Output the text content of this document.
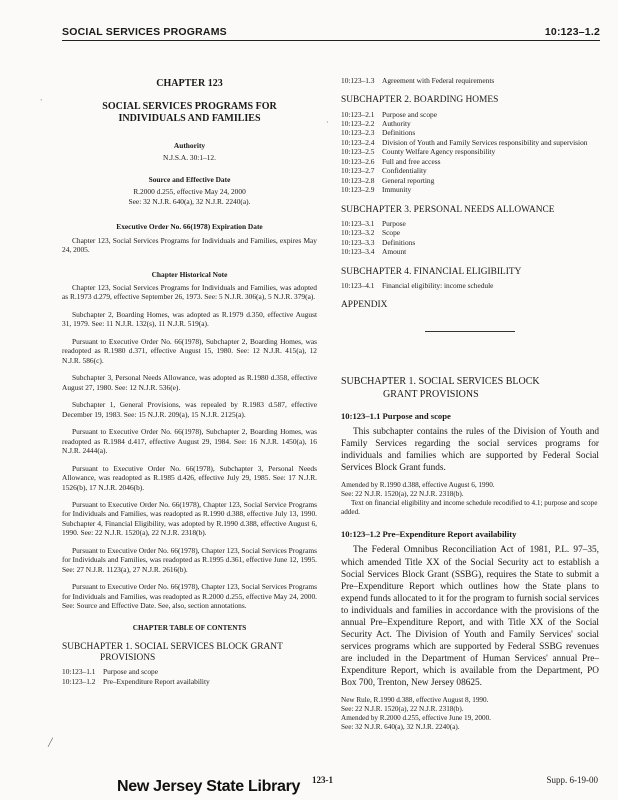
SOCIAL SERVICES PROGRAMS	10:123–1.2
`
·
╱
CHAPTER 123
SOCIAL SERVICES PROGRAMS FOR INDIVIDUALS AND FAMILIES
Authority
N.J.S.A. 30:1–12.
Source and Effective Date
R.2000 d.255, effective May 24, 2000
See: 32 N.J.R. 640(a), 32 N.J.R. 2240(a).
Executive Order No. 66(1978) Expiration Date
Chapter 123, Social Services Programs for Individuals and Families, expires May 24, 2005.
Chapter Historical Note
Chapter 123, Social Services Programs for Individuals and Families, was adopted as R.1973 d.279, effective September 26, 1973. See: 5 N.J.R. 306(a), 5 N.J.R. 379(a).
Subchapter 2, Boarding Homes, was adopted as R.1979 d.350, effective August 31, 1979. See: 11 N.J.R. 132(s), 11 N.J.R. 519(a).
Pursuant to Executive Order No. 66(1978), Subchapter 2, Boarding Homes, was readopted as R.1980 d.371, effective August 15, 1980. See: 12 N.J.R. 415(a), 12 N.J.R. 586(c).
Subchapter 3, Personal Needs Allowance, was adopted as R.1980 d.358, effective August 27, 1980. See: 12 N.J.R. 536(e).
Subchapter 1, General Provisions, was repealed by R.1983 d.587, effective December 19, 1983. See: 15 N.J.R. 209(a), 15 N.J.R. 2125(a).
Pursuant to Executive Order No. 66(1978), Subchapter 2, Boarding Homes, was readopted as R.1984 d.417, effective August 29, 1984. See: 16 N.J.R. 1450(a), 16 N.J.R. 2444(a).
Pursuant to Executive Order No. 66(1978), Subchapter 3, Personal Needs Allowance, was readopted as R.1985 d.426, effective July 29, 1985. See: 17 N.J.R. 1526(b), 17 N.J.R. 2046(b).
Pursuant to Executive Order No. 66(1978), Chapter 123, Social Service Programs for Individuals and Families, was readopted as R.1990 d.388, effective July 13, 1990. Subchapter 4, Financial Eligibility, was adopted by R.1990 d.388, effective August 6, 1990. See: 22 N.J.R. 1520(a), 22 N.J.R. 2318(b).
Pursuant to Executive Order No. 66(1978), Chapter 123, Social Services Programs for Individuals and Families, was readopted as R.1995 d.361, effective June 12, 1995. See: 27 N.J.R. 1123(a), 27 N.J.R. 2616(b).
Pursuant to Executive Order No. 66(1978), Chapter 123, Social Services Programs for Individuals and Families, was readopted as R.2000 d.255, effective May 24, 2000. See: Source and Effective Date. See, also, section annotations.
CHAPTER TABLE OF CONTENTS
SUBCHAPTER 1. SOCIAL SERVICES BLOCK GRANT
PROVISIONS
10:123–1.1	Purpose and scope
10:123–1.2	Pre–Expenditure Report availability
10:123–1.3	Agreement with Federal requirements
SUBCHAPTER 2. BOARDING HOMES
10:123–2.1	Purpose and scope
10:123–2.2	Authority
10:123–2.3	Definitions
10:123–2.4	Division of Youth and Family Services responsibility and supervision
10:123–2.5	County Welfare Agency responsibility
10:123–2.6	Full and free access
10:123–2.7	Confidentiality
10:123–2.8	General reporting
10:123–2.9	Immunity
SUBCHAPTER 3. PERSONAL NEEDS ALLOWANCE
10:123–3.1	Purpose
10:123–3.2	Scope
10:123–3.3	Definitions
10:123–3.4	Amount
SUBCHAPTER 4. FINANCIAL ELIGIBILITY
10:123–4.1	Financial eligibility: income schedule
APPENDIX
SUBCHAPTER 1. SOCIAL SERVICES BLOCK
GRANT PROVISIONS
10:123–1.1 Purpose and scope
This subchapter contains the rules of the Division of Youth and Family Services regarding the social services programs for individuals and families which are supported by Federal Social Services Block Grant funds.
Amended by R.1990 d.388, effective August 6, 1990.
See: 22 N.J.R. 1520(a), 22 N.J.R. 2318(b).
Text on financial eligibility and income schedule recodified to 4.1; purpose and scope added.
10:123–1.2 Pre–Expenditure Report availability
The Federal Omnibus Reconciliation Act of 1981, P.L. 97–35, which amended Title XX of the Social Security act to establish a Social Services Block Grant (SSBG), requires the State to submit a Pre–Expenditure Report which outlines how the State plans to expend funds allocated to it for the program to furnish social services to individuals and families in accordance with the provisions of the annual Pre–Expenditure Report, and with Title XX of the Social Security Act. The Division of Youth and Family Services' social services programs which are supported by Federal SSBG revenues are included in the Department of Human Services' annual Pre–Expenditure Report, which is available from the Department, PO Box 700, Trenton, New Jersey 08625.
New Rule, R.1990 d.388, effective August 8, 1990.
See: 22 N.J.R. 1520(a), 22 N.J.R. 2318(b).
Amended by R.2000 d.255, effective June 19, 2000.
See: 32 N.J.R. 640(a), 32 N.J.R. 2240(a).
New Jersey State Library 123-1	Supp. 6-19-00
